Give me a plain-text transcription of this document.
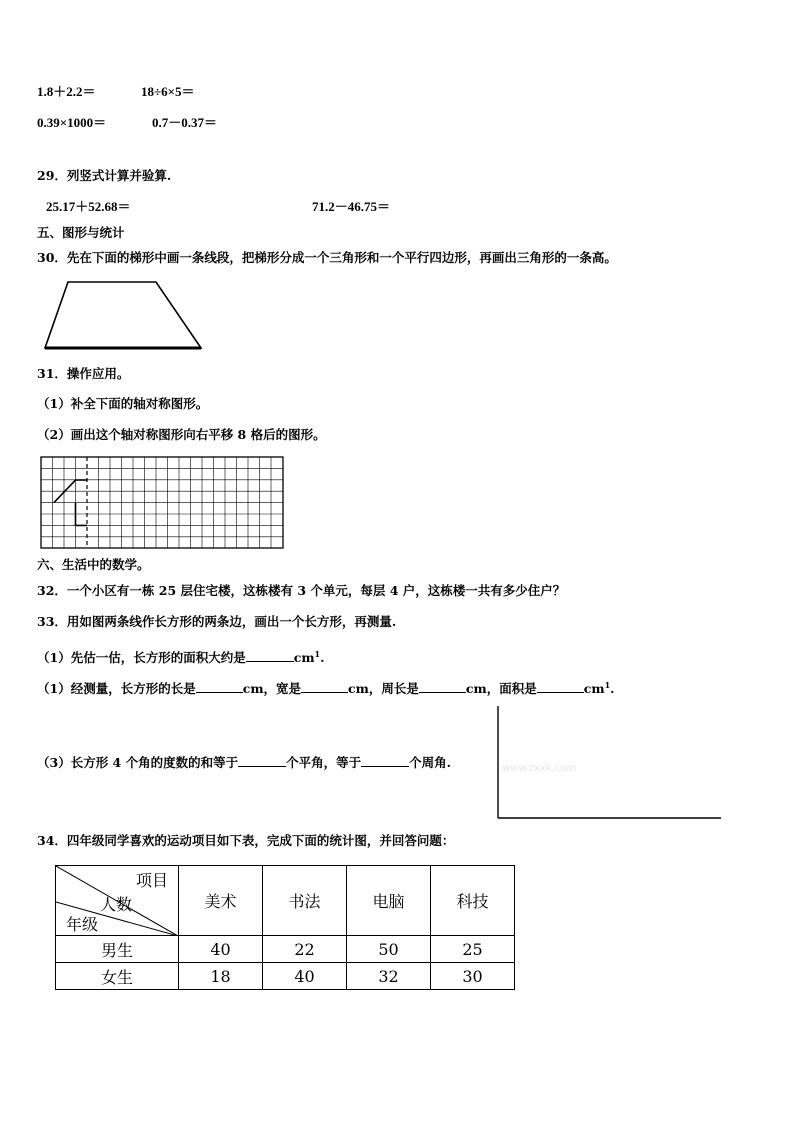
1.8＋2.2＝	18÷6×5＝
0.39×1000＝	0.7－0.37＝
29．列竖式计算并验算.
25.17＋52.68＝	71.2－46.75＝
五、图形与统计
30．先在下面的梯形中画一条线段，把梯形分成一个三角形和一个平行四边形，再画出三角形的一条高。
31．操作应用。
（1）补全下面的轴对称图形。
（2）画出这个轴对称图形向右平移 8 格后的图形。
六、生活中的数学。
32．一个小区有一栋 25 层住宅楼，这栋楼有 3 个单元，每层 4 户，这栋楼一共有多少住户？
33．用如图两条线作长方形的两条边，画出一个长方形，再测量.
（1）先估一估，长方形的面积大约是	$cm^1$.
（1）经测量，长方形的长是	cm，宽是	cm，周长是	cm，面积是	$cm^1$.
（3）长方形 4 个角的度数的和等于	个平角，等于	个周角.	www.zxxk.com
34．四年级同学喜欢的运动项目如下表，完成下面的统计图，并回答问题：
项目
人数
年级	美术	书法	电脑	科技
男生	40	22	50	25
女生	18	40	32	30
